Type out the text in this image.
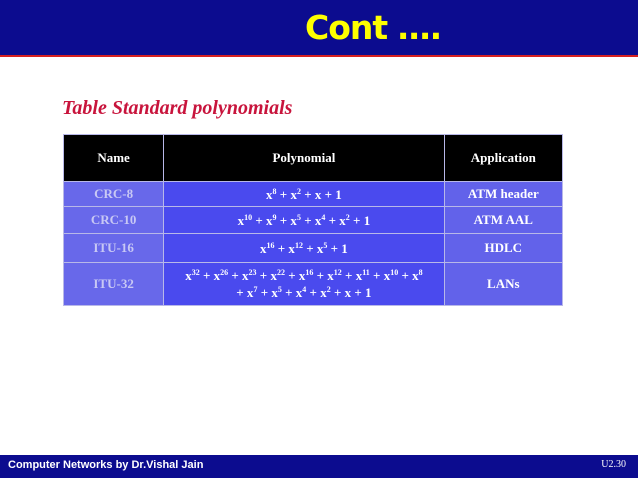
Cont ….
Table Standard polynomials
Name	Polynomial	Application
CRC-8	$x^8 + x^2 + x + 1$	ATM header
CRC-10	$x^{10} + x^9 + x^5 + x^4 + x^2 + 1$	ATM AAL
ITU-16	$x^{16} + x^{12} + x^5 + 1$	HDLC
ITU-32	$x^{32} + x^{26} + x^{23} + x^{22} + x^{16} + x^{12} + x^{11} + x^{10} + x^8$
+ $x^7 + x^5 + x^4 + x^2 + x + 1$	LANs
Computer Networks by Dr.Vishal Jain	U2.30
